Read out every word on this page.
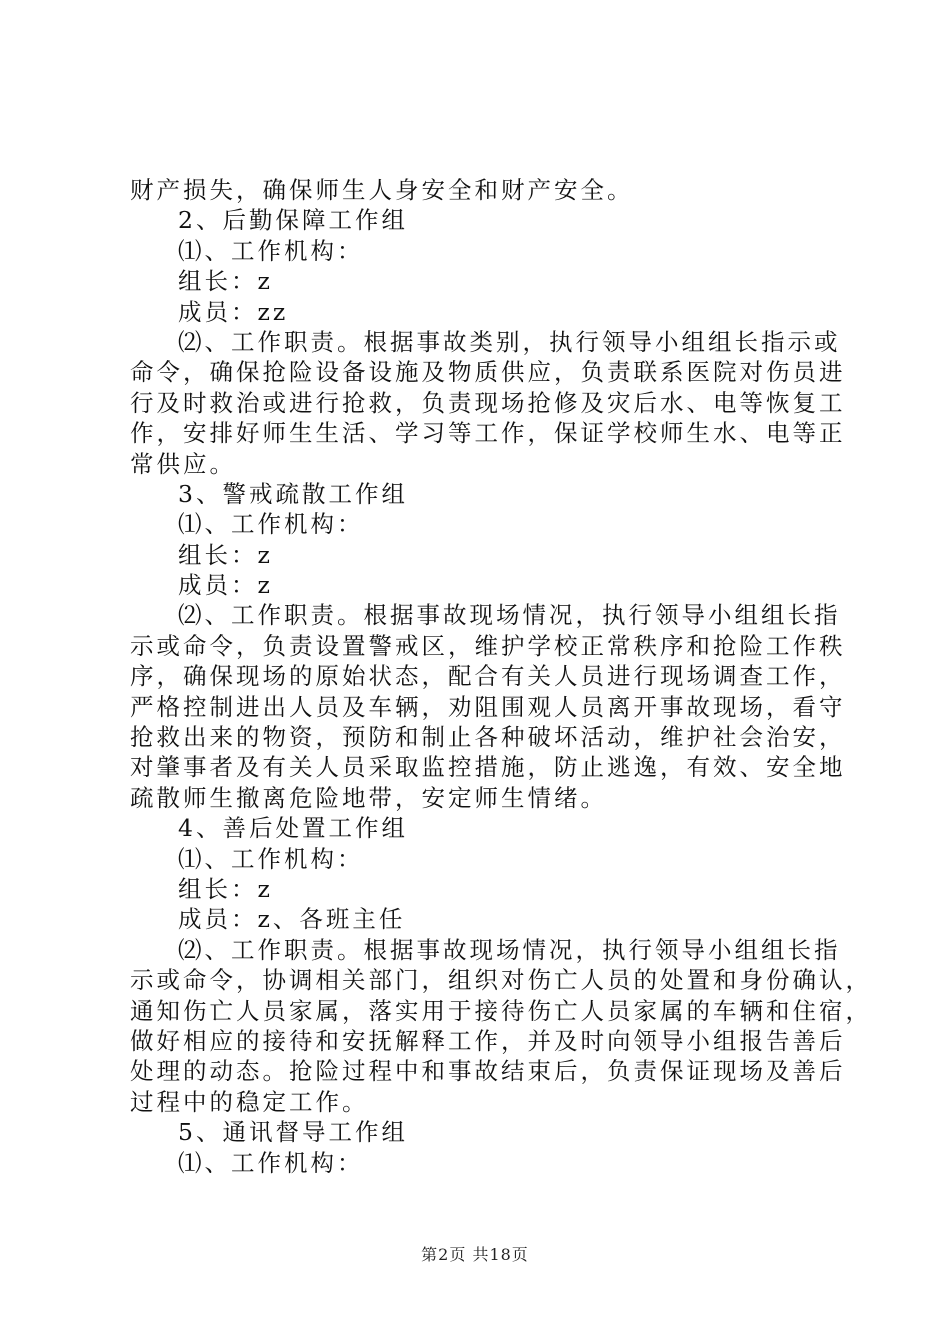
财产损失，确保师生人身安全和财产安全。
2、后勤保障工作组
⑴、工作机构：
组长：z
成员：zz
⑵、工作职责。根据事故类别，执行领导小组组长指示或
命令，确保抢险设备设施及物质供应，负责联系医院对伤员进
行及时救治或进行抢救，负责现场抢修及灾后水、电等恢复工
作，安排好师生生活、学习等工作，保证学校师生水、电等正
常供应。
3、警戒疏散工作组
⑴、工作机构：
组长：z
成员：z
⑵、工作职责。根据事故现场情况，执行领导小组组长指
示或命令，负责设置警戒区，维护学校正常秩序和抢险工作秩
序，确保现场的原始状态，配合有关人员进行现场调查工作，
严格控制进出人员及车辆，劝阻围观人员离开事故现场，看守
抢救出来的物资，预防和制止各种破坏活动，维护社会治安，
对肇事者及有关人员采取监控措施，防止逃逸，有效、安全地
疏散师生撤离危险地带，安定师生情绪。
4、善后处置工作组
⑴、工作机构：
组长：z
成员：z、各班主任
⑵、工作职责。根据事故现场情况，执行领导小组组长指
示或命令，协调相关部门，组织对伤亡人员的处置和身份确认，
通知伤亡人员家属，落实用于接待伤亡人员家属的车辆和住宿，
做好相应的接待和安抚解释工作，并及时向领导小组报告善后
处理的动态。抢险过程中和事故结束后，负责保证现场及善后
过程中的稳定工作。
5、通讯督导工作组
⑴、工作机构：
第2页 共18页
